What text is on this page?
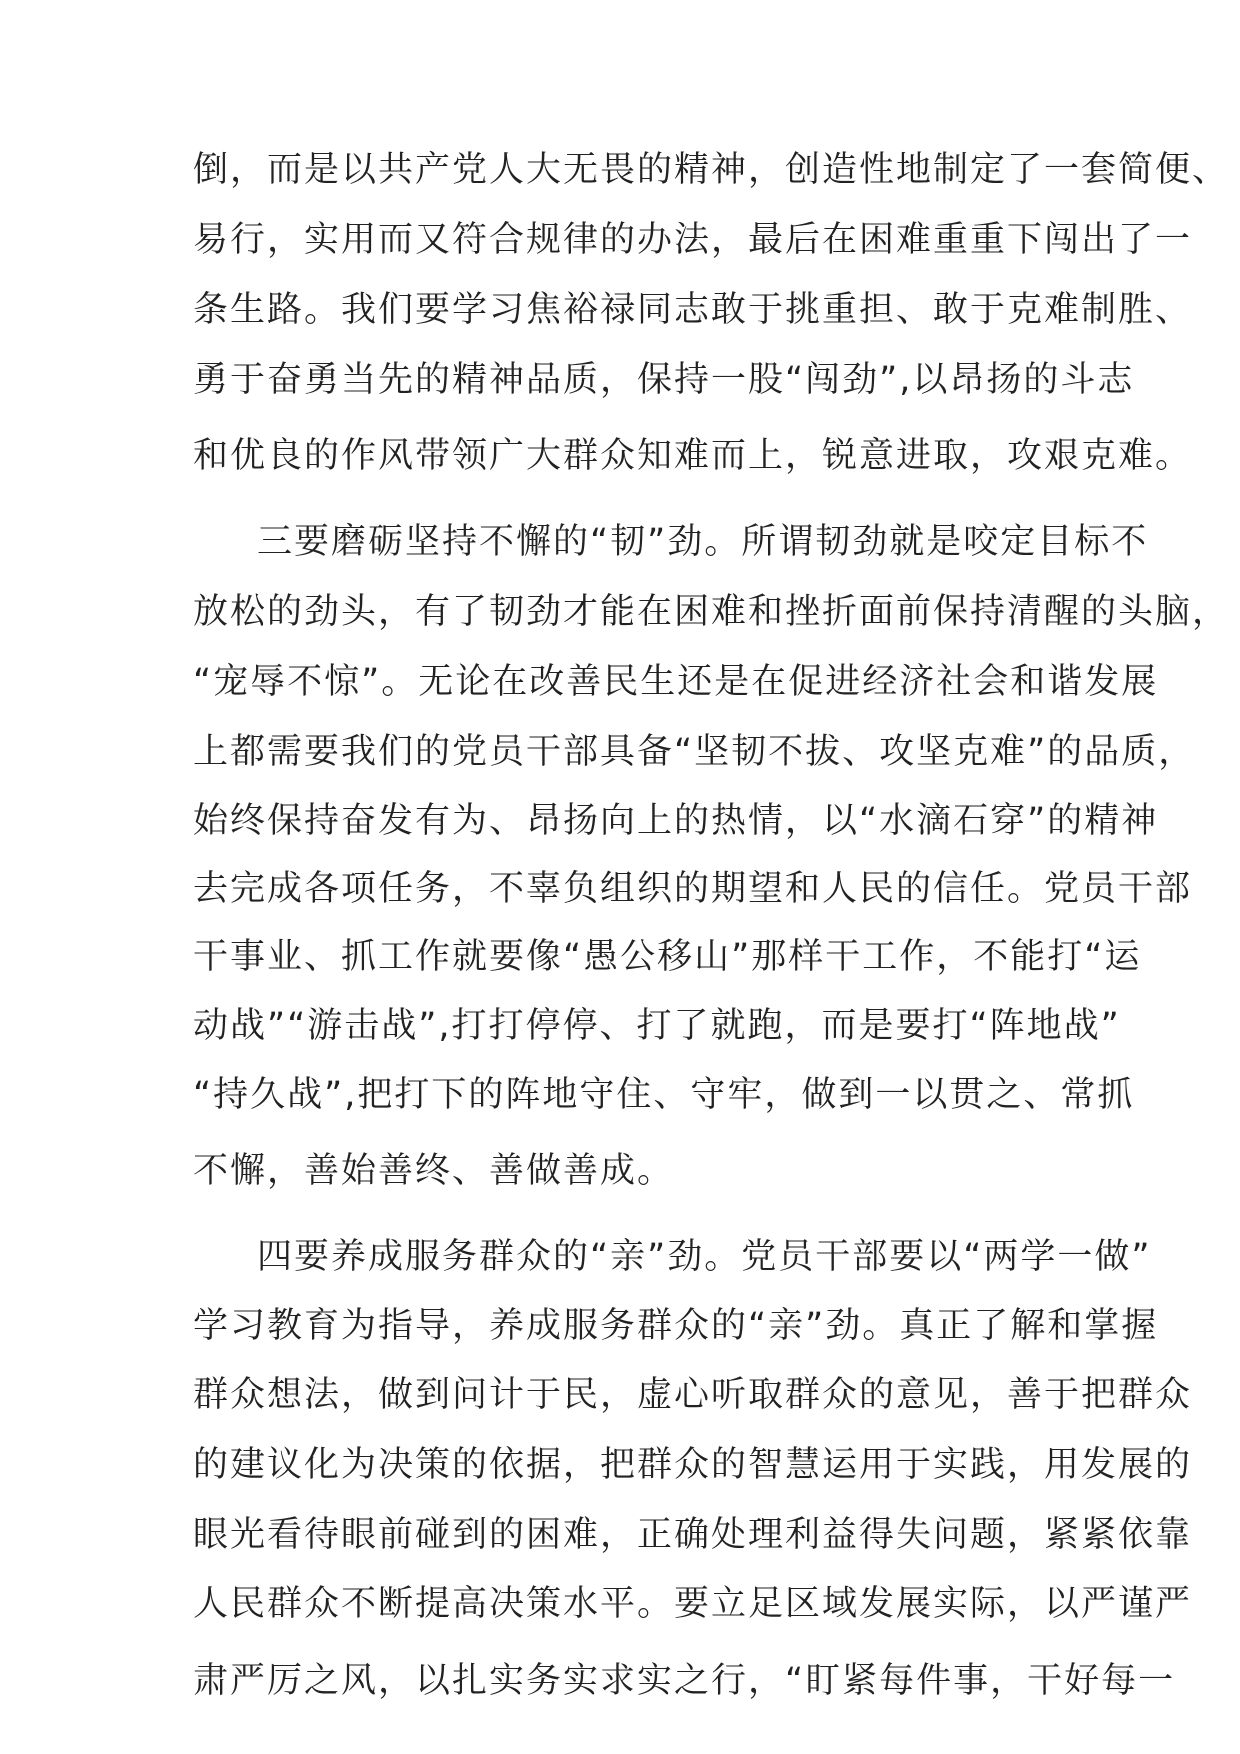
倒，而是以共产党人大无畏的精神，创造性地制定了一套简便、
易行，实用而又符合规律的办法，最后在困难重重下闯出了一
条生路。我们要学习焦裕禄同志敢于挑重担、敢于克难制胜、
勇于奋勇当先的精神品质，保持一股“闯劲”,以昂扬的斗志
和优良的作风带领广大群众知难而上，锐意进取，攻艰克难。
三要磨砺坚持不懈的“韧”劲。所谓韧劲就是咬定目标不
放松的劲头，有了韧劲才能在困难和挫折面前保持清醒的头脑，
“宠辱不惊”。无论在改善民生还是在促进经济社会和谐发展
上都需要我们的党员干部具备“坚韧不拔、攻坚克难”的品质，
始终保持奋发有为、昂扬向上的热情，以“水滴石穿”的精神
去完成各项任务，不辜负组织的期望和人民的信任。党员干部
干事业、抓工作就要像“愚公移山”那样干工作，不能打“运
动战”“游击战”,打打停停、打了就跑，而是要打“阵地战”
“持久战”,把打下的阵地守住、守牢，做到一以贯之、常抓
不懈，善始善终、善做善成。
四要养成服务群众的“亲”劲。党员干部要以“两学一做”
学习教育为指导，养成服务群众的“亲”劲。真正了解和掌握
群众想法，做到问计于民，虚心听取群众的意见，善于把群众
的建议化为决策的依据，把群众的智慧运用于实践，用发展的
眼光看待眼前碰到的困难，正确处理利益得失问题，紧紧依靠
人民群众不断提高决策水平。要立足区域发展实际，以严谨严
肃严厉之风，以扎实务实求实之行，“盯紧每件事，干好每一
